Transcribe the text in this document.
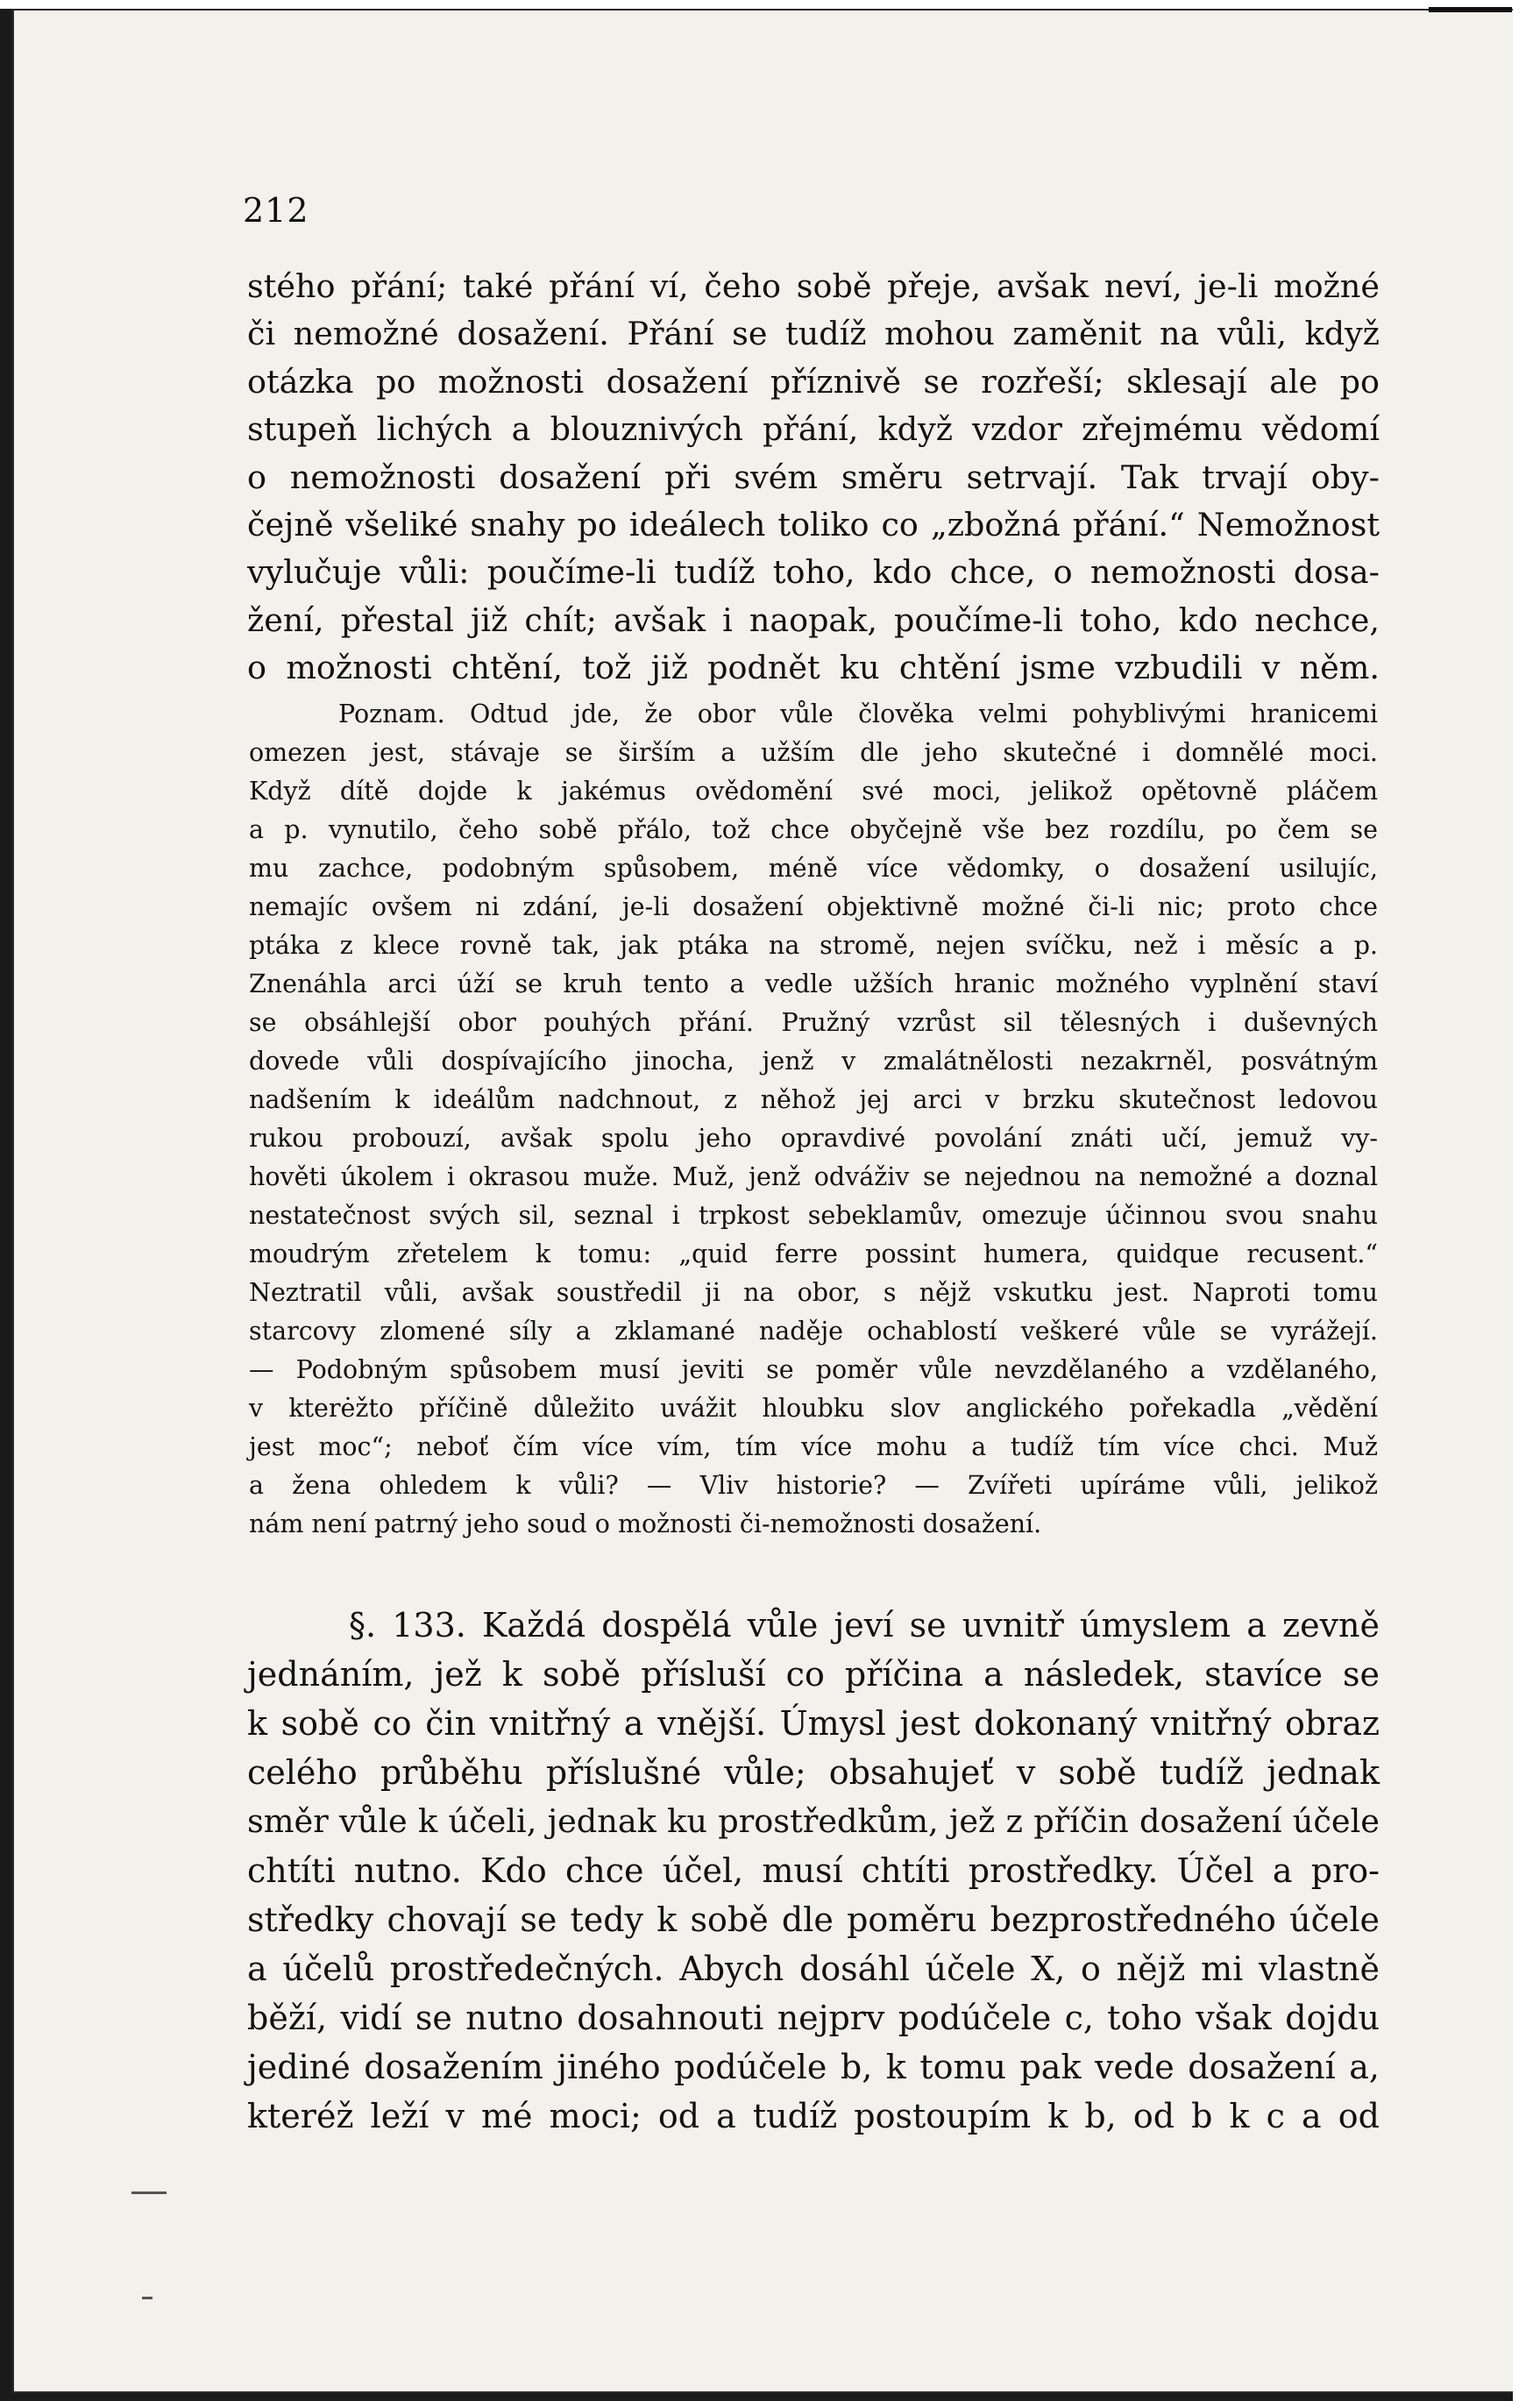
212
stého přání; také přání ví, čeho sobě přeje, avšak neví, je-li možné
či nemožné dosažení. Přání se tudíž mohou zaměnit na vůli, když
otázka po možnosti dosažení příznivě se rozřeší; sklesají ale po
stupeň lichých a blouznivých přání, když vzdor zřejmému vědomí
o nemožnosti dosažení při svém směru setrvají. Tak trvají oby-
čejně všeliké snahy po ideálech toliko co „zbožná přání.“ Nemožnost
vylučuje vůli: poučíme-li tudíž toho, kdo chce, o nemožnosti dosa-
žení, přestal již chít; avšak i naopak, poučíme-li toho, kdo nechce,
o možnosti chtění, tož již podnět ku chtění jsme vzbudili v něm.
Poznam. Odtud jde, že obor vůle člověka velmi pohyblivými hranicemi
omezen jest, stávaje se širším a užším dle jeho skutečné i domnělé moci.
Když dítě dojde k jakémus ovědomění své moci, jelikož opětovně pláčem
a p. vynutilo, čeho sobě přálo, tož chce obyčejně vše bez rozdílu, po čem se
mu zachce, podobným spůsobem, méně více vědomky, o dosažení usilujíc,
nemajíc ovšem ni zdání, je-li dosažení objektivně možné či-li nic; proto chce
ptáka z klece rovně tak, jak ptáka na stromě, nejen svíčku, než i měsíc a p.
Znenáhla arci úží se kruh tento a vedle užších hranic možného vyplnění staví
se obsáhlejší obor pouhých přání. Pružný vzrůst sil tělesných i duševných
dovede vůli dospívajícího jinocha, jenž v zmalátnělosti nezakrněl, posvátným
nadšením k ideálům nadchnout, z něhož jej arci v brzku skutečnost ledovou
rukou probouzí, avšak spolu jeho opravdivé povolání znáti učí, jemuž vy-
hověti úkolem i okrasou muže. Muž, jenž odváživ se nejednou na nemožné a doznal
nestatečnost svých sil, seznal i trpkost sebeklamův, omezuje účinnou svou snahu
moudrým zřetelem k tomu: „quid ferre possint humera, quidque recusent.“
Neztratil vůli, avšak soustředil ji na obor, s nějž vskutku jest. Naproti tomu
starcovy zlomené síly a zklamané naděje ochablostí veškeré vůle se vyrážejí.
— Podobným spůsobem musí jeviti se poměr vůle nevzdělaného a vzdělaného,
v kterėžto příčině důležito uvážit hloubku slov anglického pořekadla „vědění
jest moc“; neboť čím více vím, tím více mohu a tudíž tím více chci. Muž
a žena ohledem k vůli? — Vliv historie? — Zvířeti upíráme vůli, jelikož
nám není patrný jeho soud o možnosti či-nemožnosti dosažení.
§. 133. Každá dospělá vůle jeví se uvnitř úmyslem a zevně
jednáním, jež k sobě přísluší co příčina a následek, stavíce se
k sobě co čin vnitřný a vnější. Úmysl jest dokonaný vnitřný obraz
celého průběhu příslušné vůle; obsahujeť v sobě tudíž jednak
směr vůle k účeli, jednak ku prostředkům, jež z příčin dosažení účele
chtíti nutno. Kdo chce účel, musí chtíti prostředky. Účel a pro-
středky chovají se tedy k sobě dle poměru bezprostředného účele
a účelů prostředečných. Abych dosáhl účele X, o nějž mi vlastně
běží, vidí se nutno dosahnouti nejprv podúčele c, toho však dojdu
jediné dosažením jiného podúčele b, k tomu pak vede dosažení a,
kteréž leží v mé moci; od a tudíž postoupím k b, od b k c a od
